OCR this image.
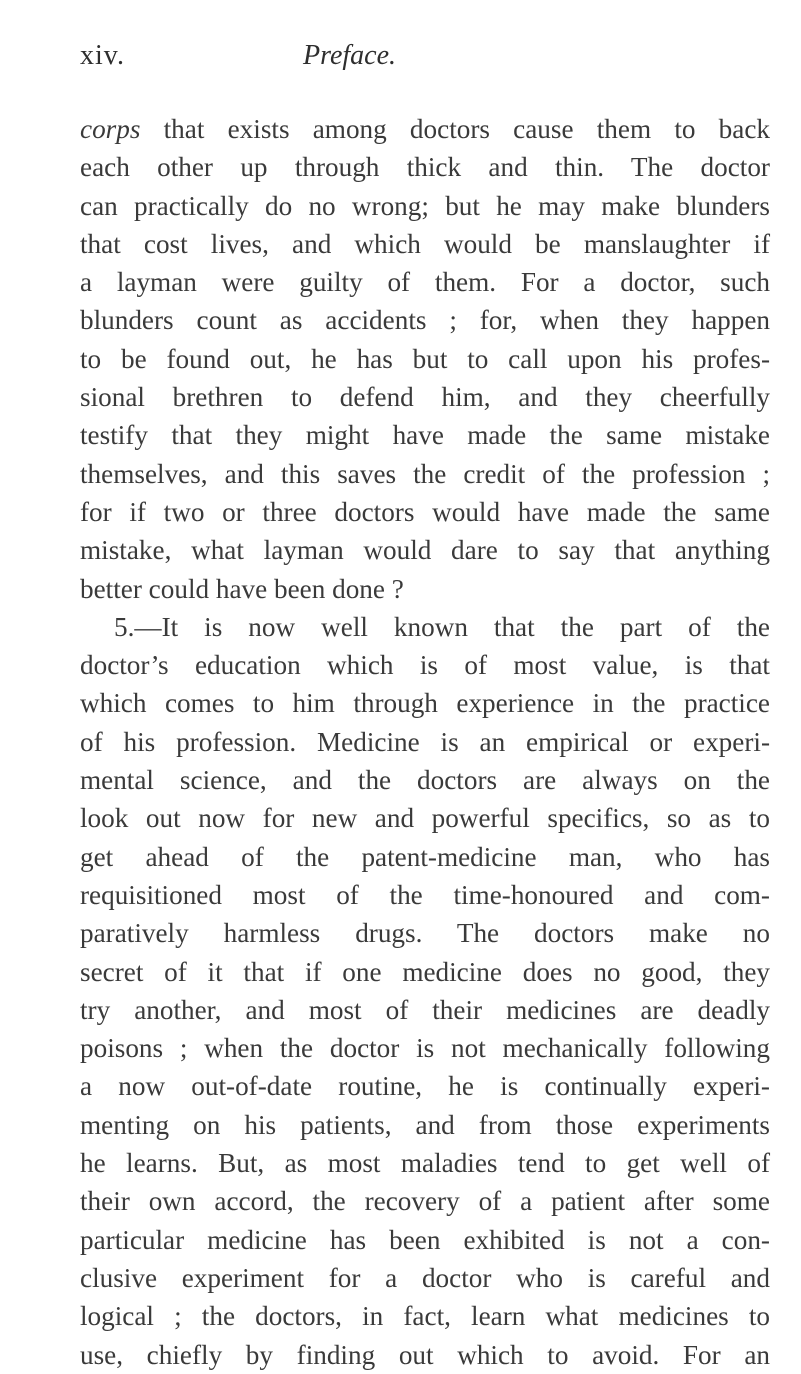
xiv.	Preface.
corps that exists among doctors cause them to back
each other up through thick and thin. The doctor
can practically do no wrong; but he may make blunders
that cost lives, and which would be manslaughter if
a layman were guilty of them. For a doctor, such
blunders count as accidents ; for, when they happen
to be found out, he has but to call upon his profes-
sional brethren to defend him, and they cheerfully
testify that they might have made the same mistake
themselves, and this saves the credit of the profession ;
for if two or three doctors would have made the same
mistake, what layman would dare to say that anything
better could have been done ?
5.—It is now well known that the part of the
doctor’s education which is of most value, is that
which comes to him through experience in the practice
of his profession. Medicine is an empirical or experi-
mental science, and the doctors are always on the
look out now for new and powerful specifics, so as to
get ahead of the patent-medicine man, who has
requisitioned most of the time-honoured and com-
paratively harmless drugs. The doctors make no
secret of it that if one medicine does no good, they
try another, and most of their medicines are deadly
poisons ; when the doctor is not mechanically following
a now out-of-date routine, he is continually experi-
menting on his patients, and from those experiments
he learns. But, as most maladies tend to get well of
their own accord, the recovery of a patient after some
particular medicine has been exhibited is not a con-
clusive experiment for a doctor who is careful and
logical ; the doctors, in fact, learn what medicines to
use, chiefly by finding out which to avoid. For an
